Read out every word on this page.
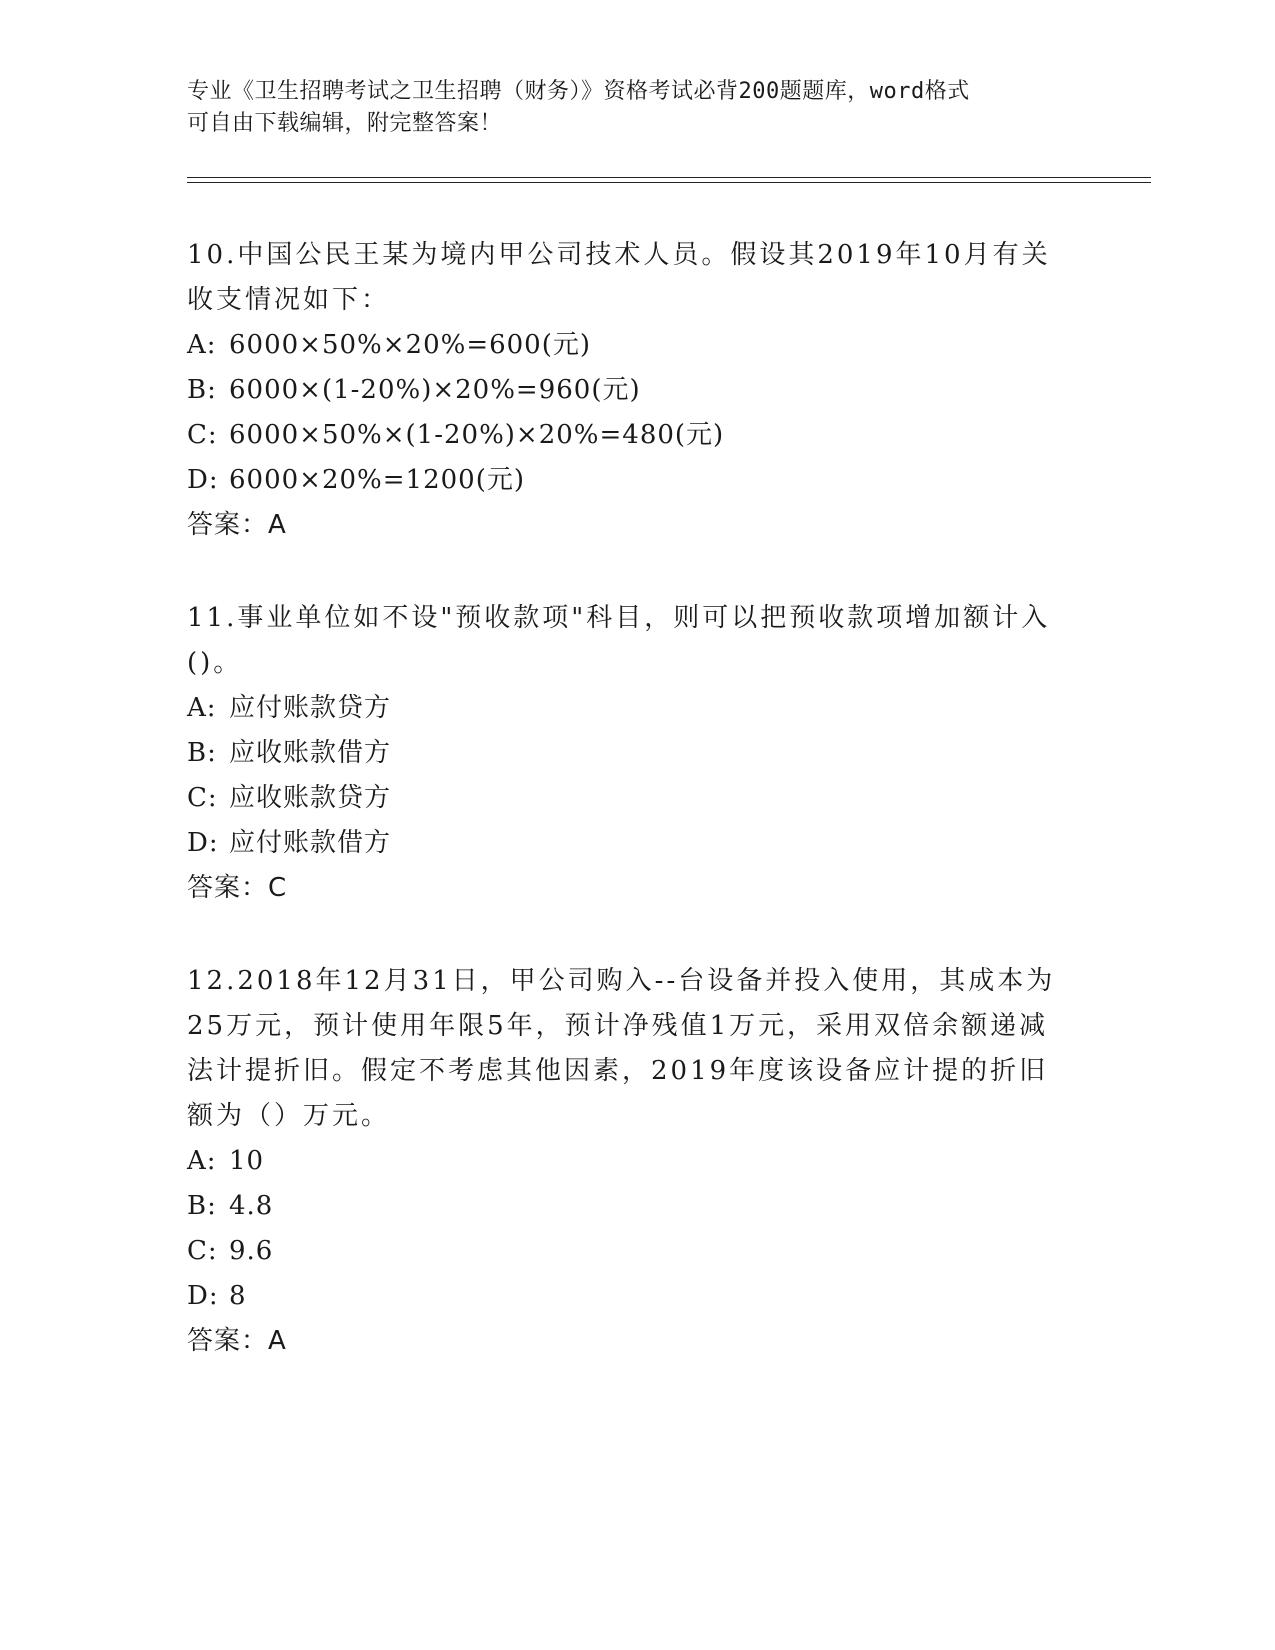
专业《卫生招聘考试之卫生招聘（财务）》资格考试必背200题题库，word格式
可自由下载编辑，附完整答案！

10.中国公民王某为境内甲公司技术人员。假设其2019年10月有关收支情况如下：

A: 6000×50%×20%=600(元)
B: 6000×(1-20%)×20%=960(元)
C: 6000×50%×(1-20%)×20%=480(元)
D: 6000×20%=1200(元)
答案：A

11.事业单位如不设"预收款项"科目，则可以把预收款项增加额计入()。

A: 应付账款贷方
B: 应收账款借方
C: 应收账款贷方
D: 应付账款借方
答案：C

12.2018年12月31日，甲公司购入--台设备并投入使用，其成本为25万元，预计使用年限5年，预计净残值1万元，采用双倍余额递减法计提折旧。假定不考虑其他因素，2019年度该设备应计提的折旧额为（）万元。

A: 10
B: 4.8
C: 9.6
D: 8
答案：A
